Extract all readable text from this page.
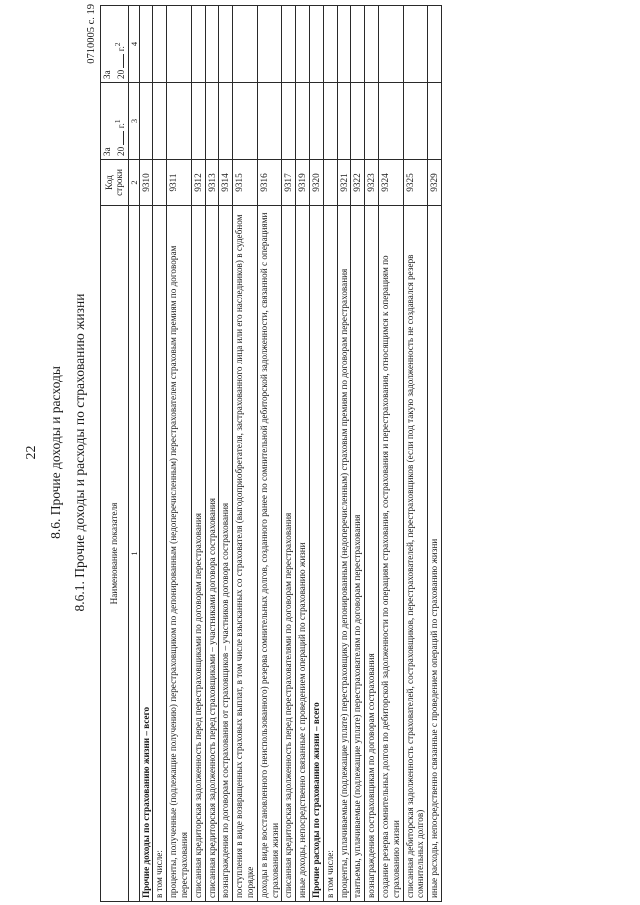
22 8.6. Прочие доходы и расходы 8.6.1. Прочие доходы и расходы по страхованию жизни
0710005 с. 19
Наименование показателя	Код
строки	За 20  г.$^1$	За 20  г.$^2$
1	2	3	4
Прочие доходы по страхованию жизни – всего	9310		
в том числе:			
проценты, полученные (подлежащие получению) перестраховщиком по депонированным (недоперечисленным) перестрахователем страховым премиям по договорам перестрахования	9311		
списанная кредиторская задолженность перед перестраховщиками по договорам перестрахования	9312		
списанная кредиторская задолженность перед страховщиками – участниками договора сострахования	9313		
вознаграждения по договорам сострахования от страховщиков – участников договора сострахования	9314		
поступления в виде возвращенных страховых выплат, в том числе взысканных со страхователя (выгодоприобретателя, застрахованного лица или его наследников) в судебном порядке	9315		
доходы в виде восстановленного (неиспользованного) резерва сомнительных долгов, созданного ранее по сомнительной дебиторской задолженности, связанной с операциями страхования жизни	9316		
списанная кредиторская задолженность перед перестрахователями по договорам перестрахования	9317		
иные доходы, непосредственно связанные с проведением операций по страхованию жизни	9319		
Прочие расходы по страхованию жизни – всего	9320		
в том числе:			
проценты, уплачиваемые (подлежащие уплате) перестраховщику по депонированным (недоперечисленным) страховым премиям по договорам перестрахования	9321		
тантьемы, уплачиваемые (подлежащие уплате) перестрахователям по договорам перестрахования	9322		
вознаграждения состраховщикам по договорам сострахования	9323		
создание резерва сомнительных долгов по дебиторской задолженности по операциям страхования, сострахования и перестрахования, относящимся к операциям по страхованию жизни	9324		
списанная дебиторская задолженность страхователей, состраховщиков, перестрахователей, перестраховщиков (если под такую задолженность не создавался резерв сомнительных долгов)	9325		
иные расходы, непосредственно связанные с проведением операций по страхованию жизни	9329		
